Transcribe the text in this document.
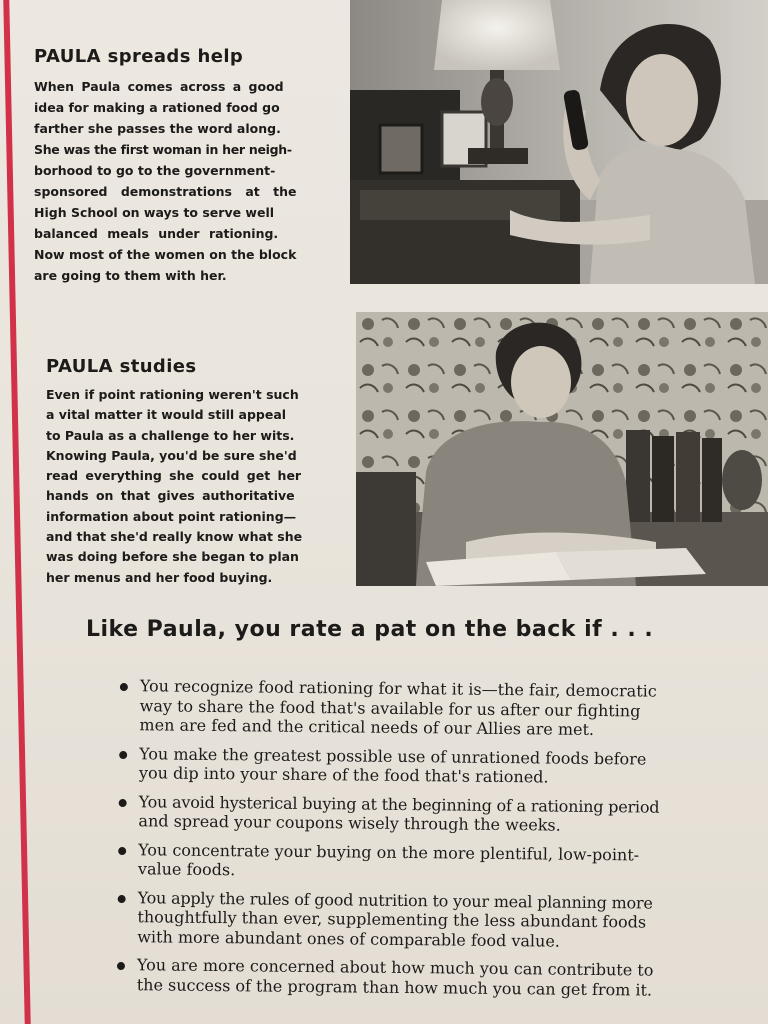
PAULA spreads help
When Paula comes across a good
idea for making a rationed food go
farther she passes the word along.
She was the first woman in her neigh-
borhood to go to the government-
sponsored demonstrations at the
High School on ways to serve well
balanced meals under rationing.
Now most of the women on the block
are going to them with her.
PAULA studies
Even if point rationing weren't such
a vital matter it would still appeal
to Paula as a challenge to her wits.
Knowing Paula, you'd be sure she'd
read everything she could get her
hands on that gives authoritative
information about point rationing—
and that she'd really know what she
was doing before she began to plan
her menus and her food buying.
Like Paula, you rate a pat on the back if . . .
You recognize food rationing for what it is—the fair, democratic
way to share the food that's available for us after our fighting
men are fed and the critical needs of our Allies are met.
You make the greatest possible use of unrationed foods before
you dip into your share of the food that's rationed.
You avoid hysterical buying at the beginning of a rationing period
and spread your coupons wisely through the weeks.
You concentrate your buying on the more plentiful, low-point-
value foods.
You apply the rules of good nutrition to your meal planning more
thoughtfully than ever, supplementing the less abundant foods
with more abundant ones of comparable food value.
You are more concerned about how much you can contribute to
the success of the program than how much you can get from it.
